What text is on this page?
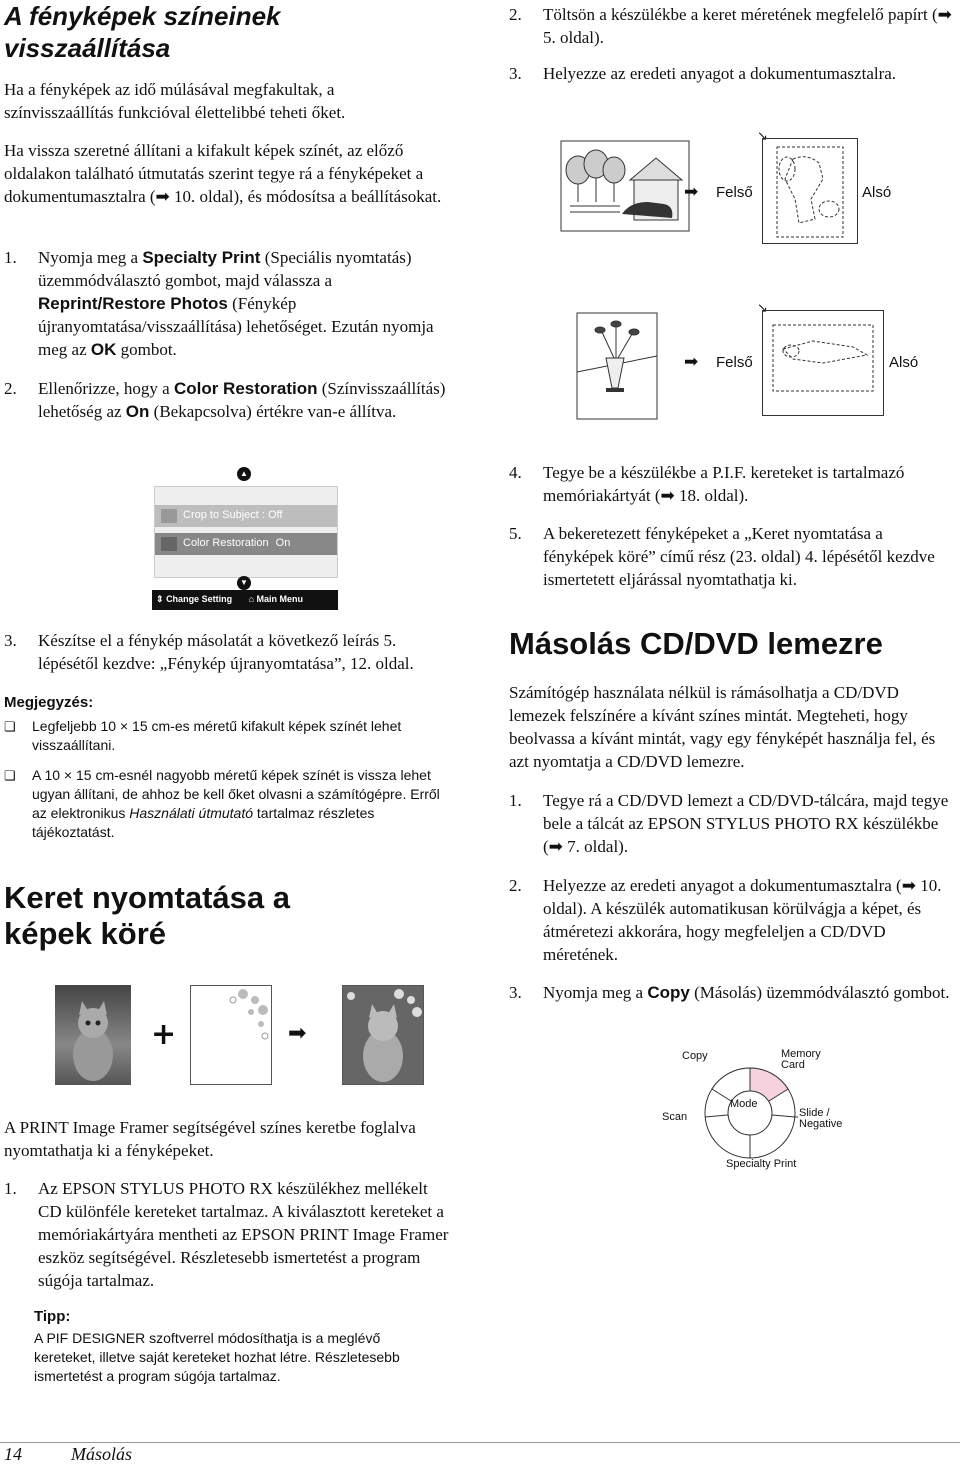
A fényképek színeinek visszaállítása
Ha a fényképek az idő múlásával megfakultak, a színvisszaállítás funkcióval élettelibbé teheti őket.
Ha vissza szeretné állítani a kifakult képek színét, az előző oldalakon található útmutatás szerint tegye rá a fényképeket a dokumentumasztalra (➡ 10. oldal), és módosítsa a beállításokat.
1.	Nyomja meg a Specialty Print (Speciális nyomtatás) üzemmódválasztó gombot, majd válassza a Reprint/Restore Photos (Fénykép újranyomtatása/visszaállítása) lehetőséget. Ezután nyomja meg az OK gombot.
2.	Ellenőrizze, hogy a Color Restoration (Színvisszaállítás) lehetőség az On (Bekapcsolva) értékre van-e állítva.
▲
Crop to Subject : Off
Color Restoration On
▼
⇕ Change Setting ⌂ Main Menu
3.	Készítse el a fénykép másolatát a következő leírás 5. lépésétől kezdve: „Fénykép újranyomtatása”, 12. oldal.
Megjegyzés:
❏	Legfeljebb 10 × 15 cm-es méretű kifakult képek színét lehet visszaállítani.
❏	A 10 × 15 cm-esnél nagyobb méretű képek színét is vissza lehet ugyan állítani, de ahhoz be kell őket olvasni a számítógépre. Erről az elektronikus Használati útmutató tartalmaz részletes tájékoztatást.
Keret nyomtatása a képek köré
+	➡
A PRINT Image Framer segítségével színes keretbe foglalva nyomtathatja ki a fényképeket.
1.	Az EPSON STYLUS PHOTO RX készülékhez mellékelt CD különféle kereteket tartalmaz. A kiválasztott kereteket a memóriakártyára mentheti az EPSON PRINT Image Framer eszköz segítségével. Részletesebb ismertetést a program súgója tartalmaz.
Tipp:
A PIF DESIGNER szoftverrel módosíthatja is a meglévő kereteket, illetve saját kereteket hozhat létre. Részletesebb ismertetést a program súgója tartalmaz.
2.	Töltsön a készülékbe a keret méretének megfelelő papírt (➡ 5. oldal).
3.	Helyezze az eredeti anyagot a dokumentumasztalra.
➡ Felső
↘
Alsó
➡ Felső
↘
Alsó
4.	Tegye be a készülékbe a P.I.F. kereteket is tartalmazó memóriakártyát (➡ 18. oldal).
5.	A bekeretezett fényképeket a „Keret nyomtatása a fényképek köré” című rész (23. oldal) 4. lépésétől kezdve ismertetett eljárással nyomtathatja ki.
Másolás CD/DVD lemezre
Számítógép használata nélkül is rámásolhatja a CD/DVD lemezek felszínére a kívánt színes mintát. Megteheti, hogy beolvassa a kívánt mintát, vagy egy fényképét használja fel, és azt nyomtatja a CD/DVD lemezre.
1.	Tegye rá a CD/DVD lemezt a CD/DVD-tálcára, majd tegye bele a tálcát az EPSON STYLUS PHOTO RX készülékbe (➡ 7. oldal).
2.	Helyezze az eredeti anyagot a dokumentumasztalra (➡ 10. oldal). A készülék automatikusan körülvágja a képet, és átméretezi akkorára, hogy megfeleljen a CD/DVD méretének.
3.	Nyomja meg a Copy (Másolás) üzemmódválasztó gombot.
Copy	Memory
Card
Mode
Scan	Slide /
Negative
Specialty Print
14	Másolás
